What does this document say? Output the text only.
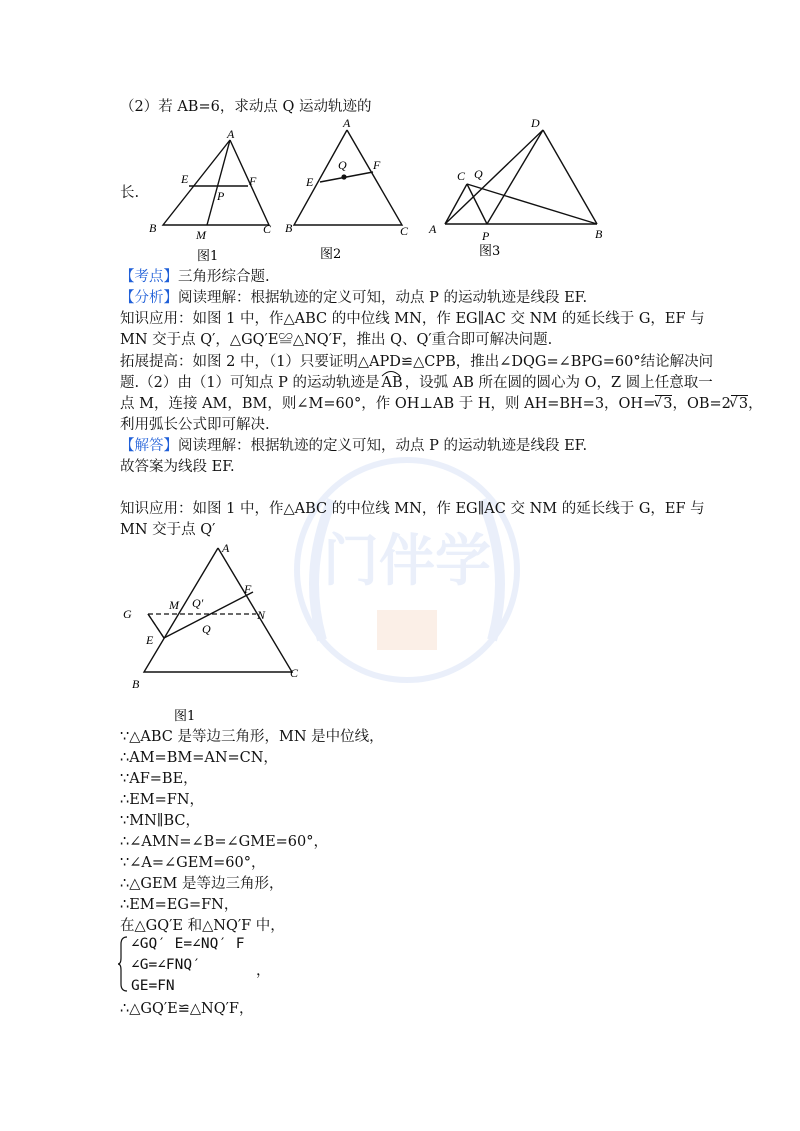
门伴学
（2）若 AB=6，求动点 Q 运动轨迹的
长.
A
E	F
P
B	M	C
图1
A
Q F
E
B	C
图2
D
C Q
A	P	B
图3
【考点】三角形综合题.
【分析】阅读理解：根据轨迹的定义可知，动点 P 的运动轨迹是线段 EF.
知识应用：如图 1 中，作△ABC 的中位线 MN，作 EG∥AC 交 NM 的延长线于 G，EF 与
MN 交于点 Q′，△GQ′E≌△NQ′F，推出 Q、Q′重合即可解决问题.
拓展提高：如图 2 中，（1）只要证明△APD≌△CPB，推出∠DQG=∠BPG=60°结论解决问
题.（2）由（1）可知点 P 的运动轨迹是 AB ，设弧 AB 所在圆的圆心为 O，Z 圆上任意取一
点 M，连接 AM，BM，则∠M=60°，作 OH⊥AB 于 H，则 AH=BH=3，OH=
√ 3，OB=2
√ 3，
利用弧长公式即可解决.
【解答】阅读理解：根据轨迹的定义可知，动点 P 的运动轨迹是线段 EF.
故答案为线段 EF.
知识应用：如图 1 中，作△ABC 的中位线 MN，作 EG∥AC 交 NM 的延长线于 G，EF 与
MN 交于点 Q′
A
F
G
M Q′
N
Q
E
B
C
图1
∵△ABC 是等边三角形，MN 是中位线，
∴AM=BM=AN=CN，
∵AF=BE，
∴EM=FN，
∵MN∥BC，
∴∠AMN=∠B=∠GME=60°，
∵∠A=∠GEM=60°，
∴△GEM 是等边三角形，
∴EM=EG=FN，
在△GQ′E 和△NQ′F 中，
∠GQ′ E=∠NQ′ F
∠G=∠FNQ′	，
GE=FN
∴△GQ′E≌△NQ′F，
